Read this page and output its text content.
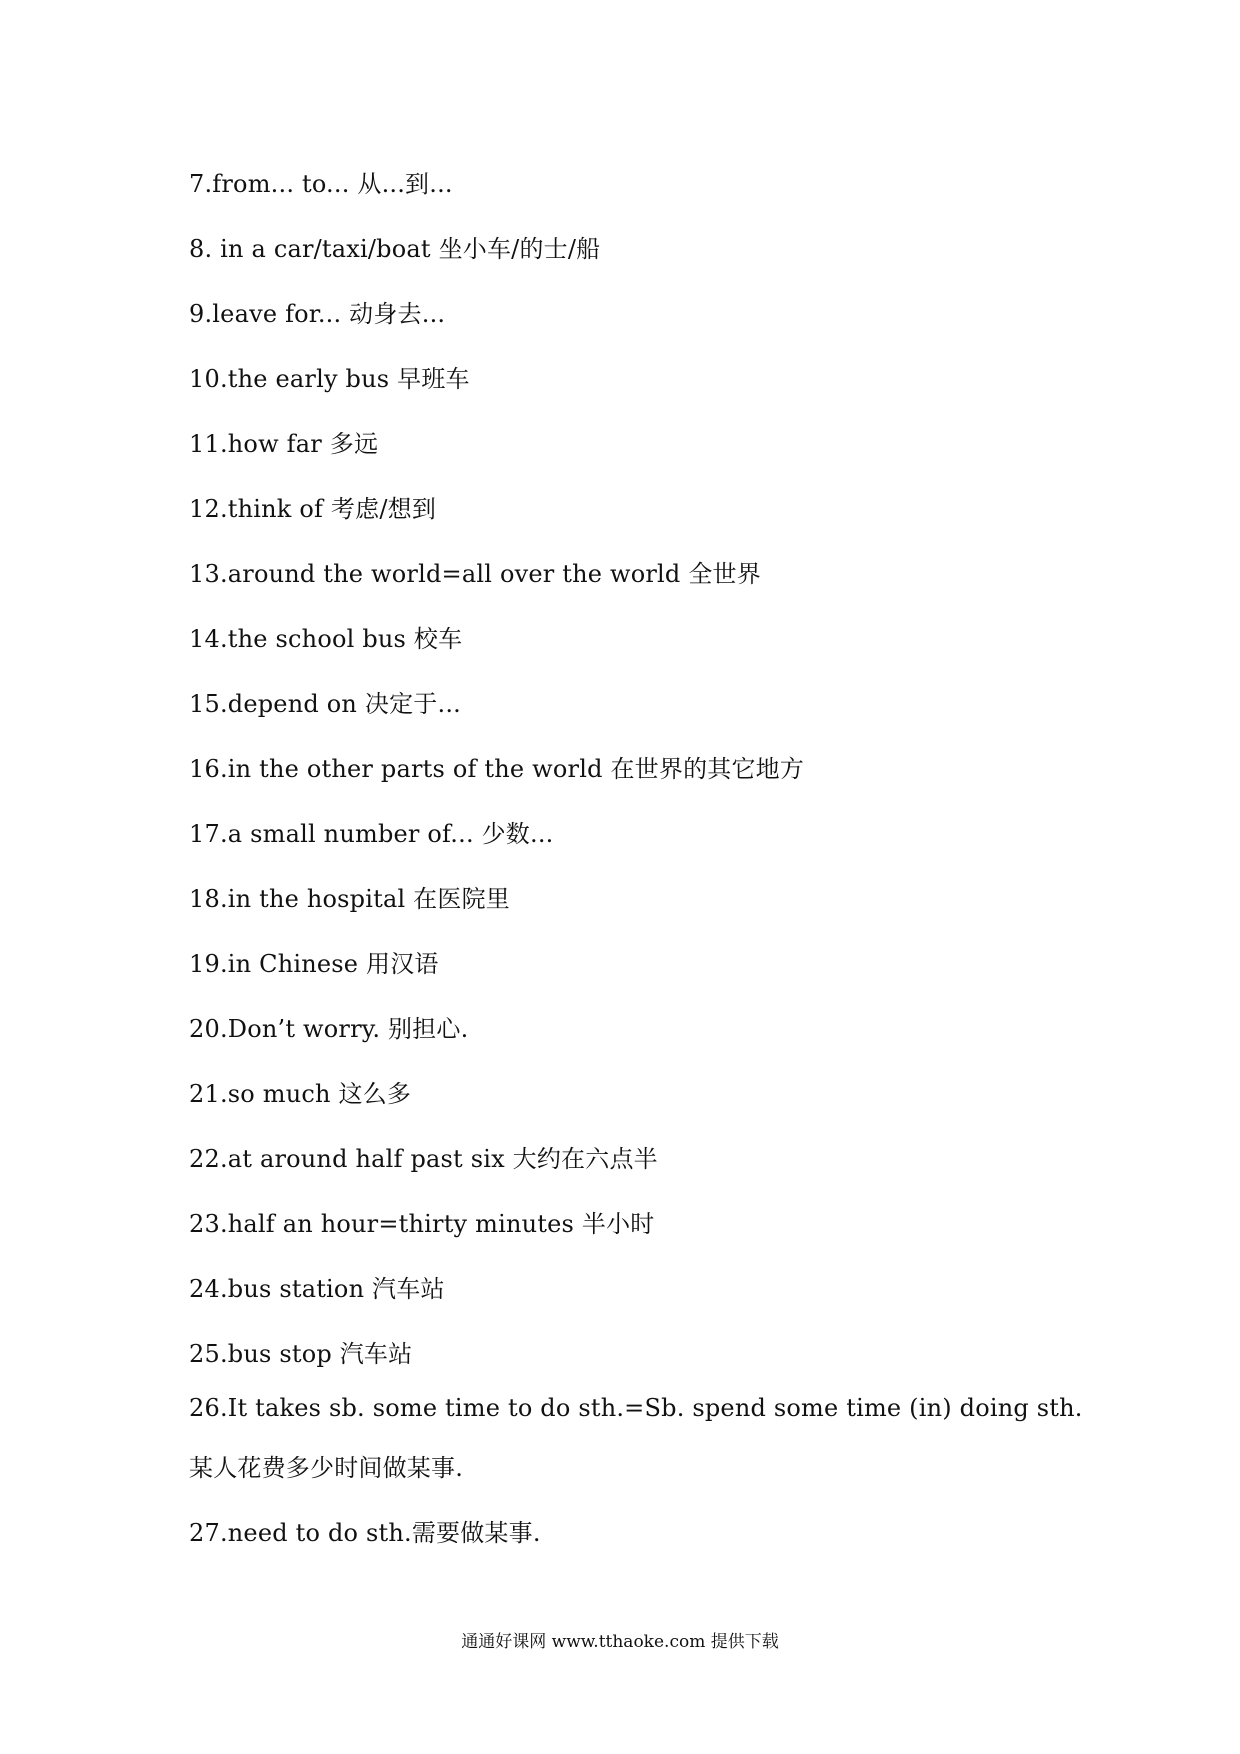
7.from... to... 从...到...
8. in a car/taxi/boat 坐小车/的士/船
9.leave for... 动身去...
10.the early bus 早班车
11.how far 多远
12.think of 考虑/想到
13.around the world=all over the world 全世界
14.the school bus 校车
15.depend on 决定于...
16.in the other parts of the world 在世界的其它地方
17.a small number of... 少数...
18.in the hospital 在医院里
19.in Chinese 用汉语
20.Don’t worry. 别担心.
21.so much 这么多
22.at around half past six 大约在六点半
23.half an hour=thirty minutes 半小时
24.bus station 汽车站
25.bus stop 汽车站
26.It takes sb. some time to do sth.=Sb. spend some time (in) doing sth.
某人花费多少时间做某事.
27.need to do sth.需要做某事.
通通好课网 www.tthaoke.com 提供下载
